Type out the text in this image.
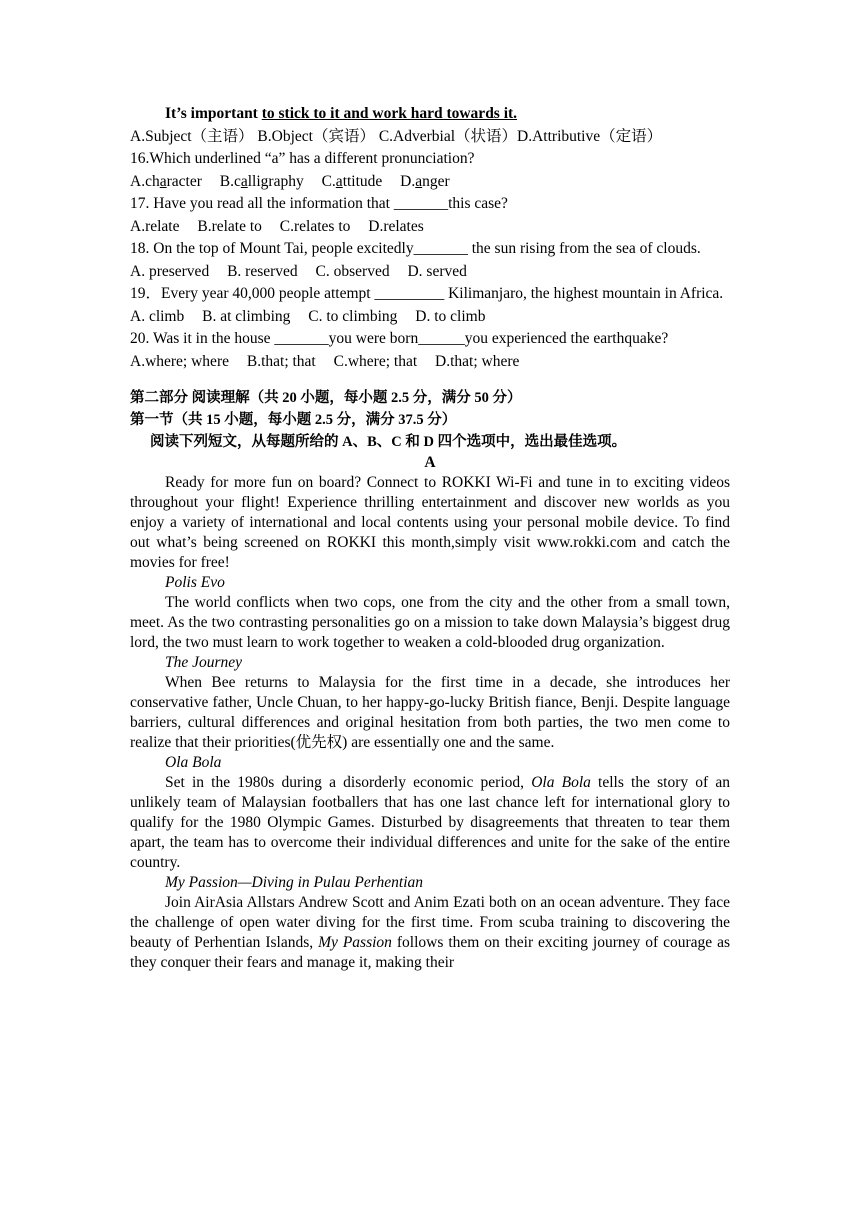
It’s important to stick to it and work hard towards it.
A.Subject（主语） B.Object（宾语） C.Adverbial（状语）D.Attributive（定语）
16.Which underlined “a” has a different pronunciation?
A.character B.calligraphy C.attitude D.anger
17. Have you read all the information that _______this case?
A.relate B.relate to C.relates to D.relates
18. On the top of Mount Tai, people excitedly_______ the sun rising from the sea of clouds.
A. preserved B. reserved C. observed D. served
19．Every year 40,000 people attempt _________ Kilimanjaro, the highest mountain in Africa.
A. climb B. at climbing C. to climbing D. to climb
20. Was it in the house _______you were born______you experienced the earthquake?
A.where; where B.that; that C.where; that D.that; where
第二部分 阅读理解（共 20 小题，每小题 2.5 分，满分 50 分）
第一节（共 15 小题，每小题 2.5 分，满分 37.5 分）
阅读下列短文，从每题所给的 A、B、C 和 D 四个选项中，选出最佳选项。
A
Ready for more fun on board? Connect to ROKKI Wi-Fi and tune in to exciting videos throughout your flight! Experience thrilling entertainment and discover new worlds as you enjoy a variety of international and local contents using your personal mobile device. To find out what’s being screened on ROKKI this month,simply visit www.rokki.com and catch the movies for free!
Polis Evo
The world conflicts when two cops, one from the city and the other from a small town, meet. As the two contrasting personalities go on a mission to take down Malaysia’s biggest drug lord, the two must learn to work together to weaken a cold-blooded drug organization.
The Journey
When Bee returns to Malaysia for the first time in a decade, she introduces her conservative father, Uncle Chuan, to her happy-go-lucky British fiance, Benji. Despite language barriers, cultural differences and original hesitation from both parties, the two men come to realize that their priorities(优先权) are essentially one and the same.
Ola Bola
Set in the 1980s during a disorderly economic period, Ola Bola tells the story of an unlikely team of Malaysian footballers that has one last chance left for international glory to qualify for the 1980 Olympic Games. Disturbed by disagreements that threaten to tear them apart, the team has to overcome their individual differences and unite for the sake of the entire country.
My Passion—Diving in Pulau Perhentian
Join AirAsia Allstars Andrew Scott and Anim Ezati both on an ocean adventure. They face the challenge of open water diving for the first time. From scuba training to discovering the beauty of Perhentian Islands, My Passion follows them on their exciting journey of courage as they conquer their fears and manage it, making their
